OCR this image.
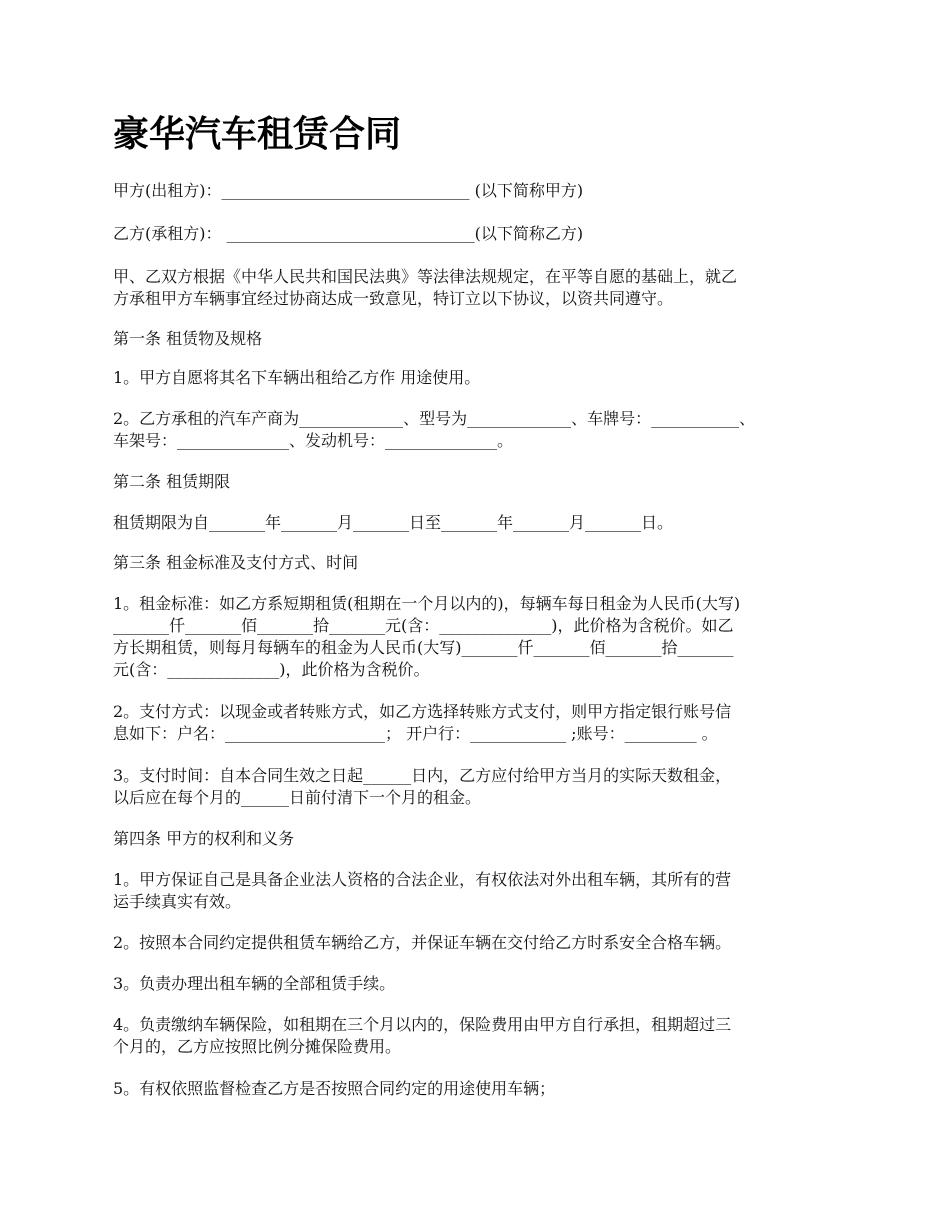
豪华汽车租赁合同

甲方(出租方)：_______________________________ (以下简称甲方)

乙方(承租方)： _______________________________(以下简称乙方)

甲、乙双方根据《中华人民共和国民法典》等法律法规规定，在平等自愿的基础上，就乙

方承租甲方车辆事宜经过协商达成一致意见，特订立以下协议，以资共同遵守。

第一条 租赁物及规格

1。甲方自愿将其名下车辆出租给乙方作 用途使用。

2。乙方承租的汽车产商为_____________、型号为_____________、车牌号：___________、

车架号：______________、发动机号：______________。

第二条 租赁期限

租赁期限为自_______年_______月_______日至_______年_______月_______日。

第三条 租金标准及支付方式、时间

1。租金标准：如乙方系短期租赁(租期在一个月以内的)，每辆车每日租金为人民币(大写)

_______仟_______佰_______拾_______元(含：______________)，此价格为含税价。如乙

方长期租赁，则每月每辆车的租金为人民币(大写)_______仟_______佰_______拾_______

元(含：______________)，此价格为含税价。

2。支付方式：以现金或者转账方式，如乙方选择转账方式支付，则甲方指定银行账号信

息如下：户名：____________________； 开户行：____________ ;账号：_________ 。

3。支付时间：自本合同生效之日起______日内，乙方应付给甲方当月的实际天数租金，

以后应在每个月的______日前付清下一个月的租金。

第四条 甲方的权利和义务

1。甲方保证自己是具备企业法人资格的合法企业，有权依法对外出租车辆，其所有的营

运手续真实有效。

2。按照本合同约定提供租赁车辆给乙方，并保证车辆在交付给乙方时系安全合格车辆。

3。负责办理出租车辆的全部租赁手续。

4。负责缴纳车辆保险，如租期在三个月以内的，保险费用由甲方自行承担，租期超过三

个月的，乙方应按照比例分摊保险费用。

5。有权依照监督检查乙方是否按照合同约定的用途使用车辆；
